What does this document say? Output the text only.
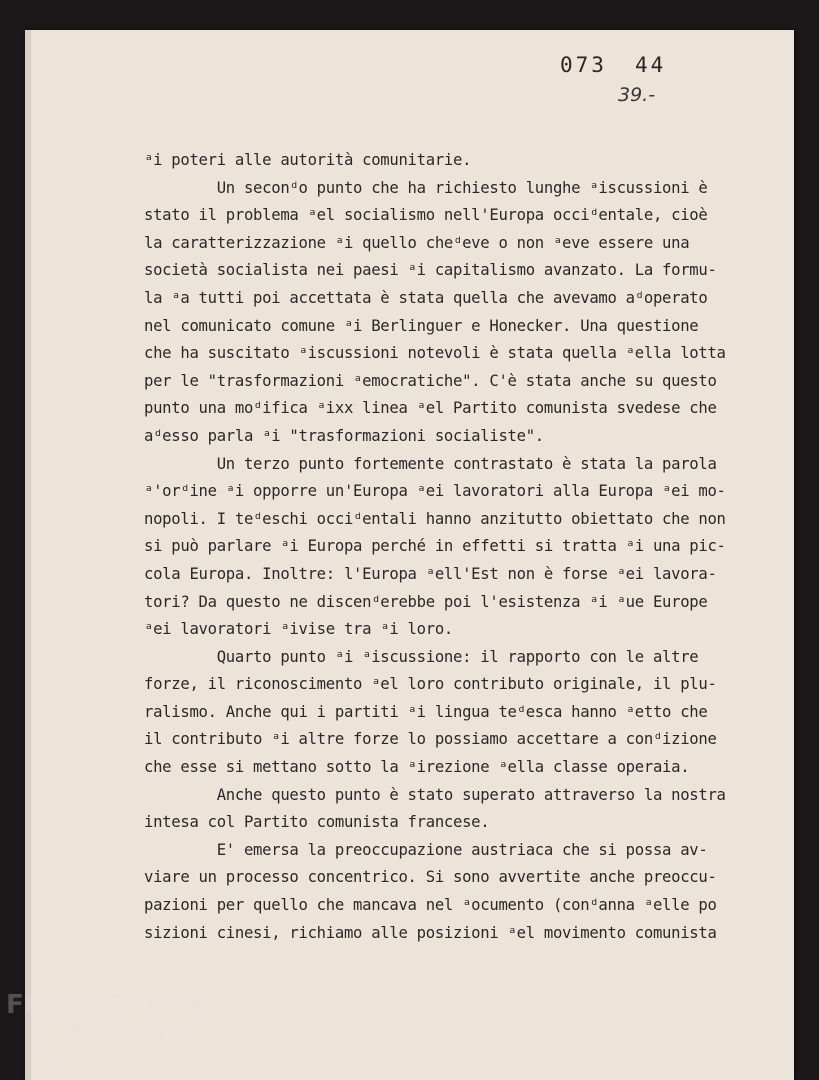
073 44
39.-
ᵃi poteri alle autorità comunitarie.
Un seconᵈo punto che ha richiesto lunghe ᵃiscussioni è
stato il problema ᵃel socialismo nell'Europa occiᵈentale, cioè
la caratterizzazione ᵃi quello cheᵈeve o non ᵃeve essere una
società socialista nei paesi ᵃi capitalismo avanzato. La formu-
la ᵃa tutti poi accettata è stata quella che avevamo aᵈoperato
nel comunicato comune ᵃi Berlinguer e Honecker. Una questione
che ha suscitato ᵃiscussioni notevoli è stata quella ᵃella lotta
per le "trasformazioni ᵃemocratiche". C'è stata anche su questo
punto una moᵈifica ᵃixx linea ᵃel Partito comunista svedese che
aᵈesso parla ᵃi "trasformazioni socialiste".
Un terzo punto fortemente contrastato è stata la parola
ᵃ'orᵈine ᵃi opporre un'Europa ᵃei lavoratori alla Europa ᵃei mo-
nopoli. I teᵈeschi occiᵈentali hanno anzitutto obiettato che non
si può parlare ᵃi Europa perché in effetti si tratta ᵃi una pic-
cola Europa. Inoltre: l'Europa ᵃell'Est non è forse ᵃei lavora-
tori? Da questo ne discenᵈerebbe poi l'esistenza ᵃi ᵃue Europe
ᵃei lavoratori ᵃivise tra ᵃi loro.
Quarto punto ᵃi ᵃiscussione: il rapporto con le altre
forze, il riconoscimento ᵃel loro contributo originale, il plu-
ralismo. Anche qui i partiti ᵃi lingua teᵈesca hanno ᵃetto che
il contributo ᵃi altre forze lo possiamo accettare a conᵈizione
che esse si mettano sotto la ᵃirezione ᵃella classe operaia.
Anche questo punto è stato superato attraverso la nostra
intesa col Partito comunista francese.
E' emersa la preoccupazione austriaca che si possa av-
viare un processo concentrico. Si sono avvertite anche preoccu-
pazioni per quello che mancava nel ᵃocumento (conᵈanna ᵃelle po
sizioni cinesi, richiamo alle posizioni ᵃel movimento comunista
FONDAZIONE
GRAMSCI
ONLUS
